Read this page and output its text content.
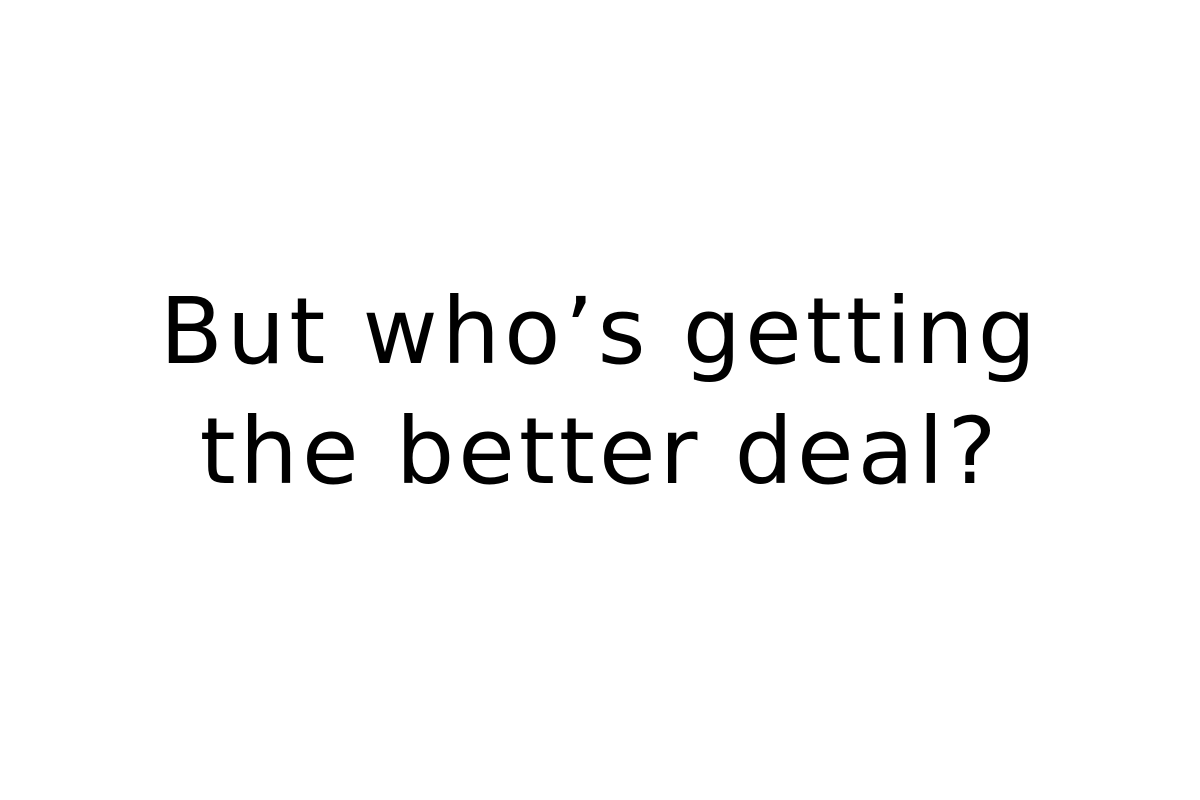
But who’s getting
the better deal?
